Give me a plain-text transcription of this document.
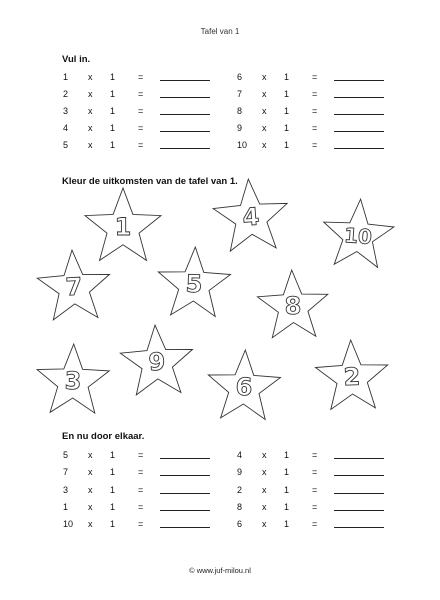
Tafel van 1
Vul in.
1 x 1	=
2 x 1	=
3 x 1	=
4 x 1	=
5 x 1	=
6 x 1	=
7 x 1	=
8 x 1	=
9 x 1	=
10 x 1	=
Kleur de uitkomsten van de tafel van 1.
1	4
10
7	5
8
3
9
6	2
En nu door elkaar.
5 x 1	=
7 x 1	=
3 x 1	=
1 x 1	=
10 x 1	=
4 x 1	=
9 x 1	=
2 x 1	=
8 x 1	=
6 x 1	=
© www.juf-milou.nl
